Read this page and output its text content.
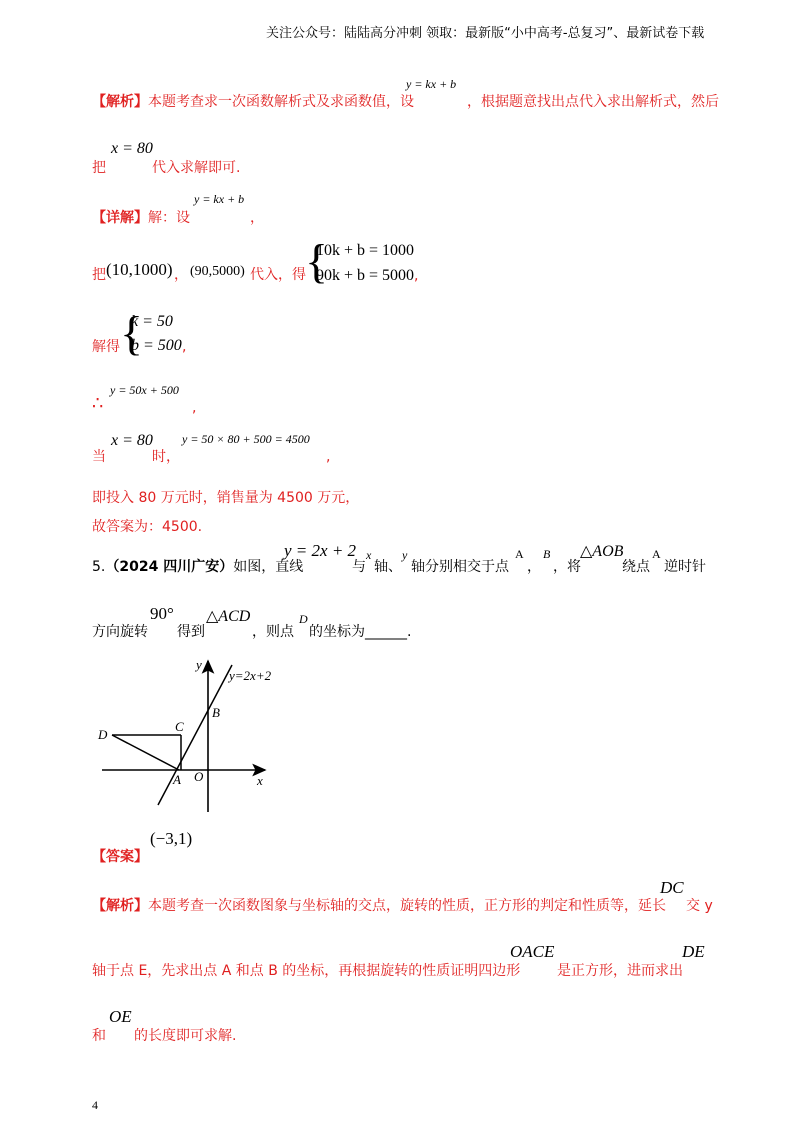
关注公众号：陆陆高分冲刺 领取：最新版“小中高考-总复习”、最新试卷下载
【解析】本题考查求一次函数解析式及求函数值，设
y = kx + b
，根据题意找出点代入求出解析式，然后
把
x = 80
代入求解即可.
【详解】解：设
y = kx + b
，
把 (10,1000) ， (90,5000) 代入，得 {
10k + b = 1000
90k + b = 5000 ,
解得 {
k = 50
b = 500 ,
∴
y = 50x + 500
,
当
x = 80
时，
y = 50 × 80 + 500 = 4500
,
即投入 80 万元时，销售量为 4500 万元，
故答案为：4500.
5.（2024 四川广安）如图，直线
y = 2x + 2
与
x
轴、
y
轴分别相交于点
A
，
B
，将
△AOB
绕点
A
逆时针
方向旋转
90°
得到
△ACD
，则点
D
的坐标为______.
y=2x+2
y
x
B
C
D
A O
【答案】
(−3,1)
【解析】本题考查一次函数图象与坐标轴的交点，旋转的性质，正方形的判定和性质等，延长
DC
交 y
轴于点 E，先求出点 A 和点 B 的坐标，再根据旋转的性质证明四边形
OACE
是正方形，进而求出
DE
和
OE
的长度即可求解.
4
